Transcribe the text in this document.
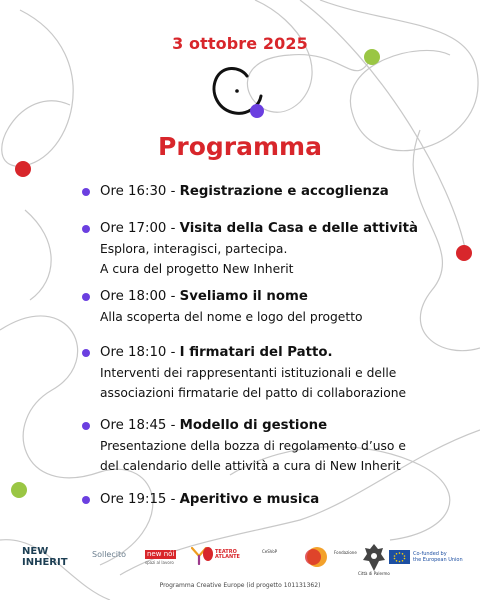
3 ottobre 2025
Programma
Ore 16:30 - Registrazione e accoglienza
Ore 17:00 - Visita della Casa e delle attività
Esplora, interagisci, partecipa.
A cura del progetto New Inherit
Ore 18:00 - Sveliamo il nome
Alla scoperta del nome e logo del progetto
Ore 18:10 - I firmatari del Patto.
Interventi dei rappresentanti istituzionali e delle
associazioni firmatarie del patto di collaborazione
Ore 18:45 - Modello di gestione
Presentazione della bozza di regolamento d’uso e
del calendario delle attività a cura di New Inherit
Ore 19:15 - Aperitivo e musica
NEW
INHERIT
Sollecito	new nói
spazi al lavoro
TEATRO
ATLANTE
CeSVoP	Fondazione
Città di Palermo
Co-funded by
the European Union
Programma Creative Europe (id progetto 101131362)
